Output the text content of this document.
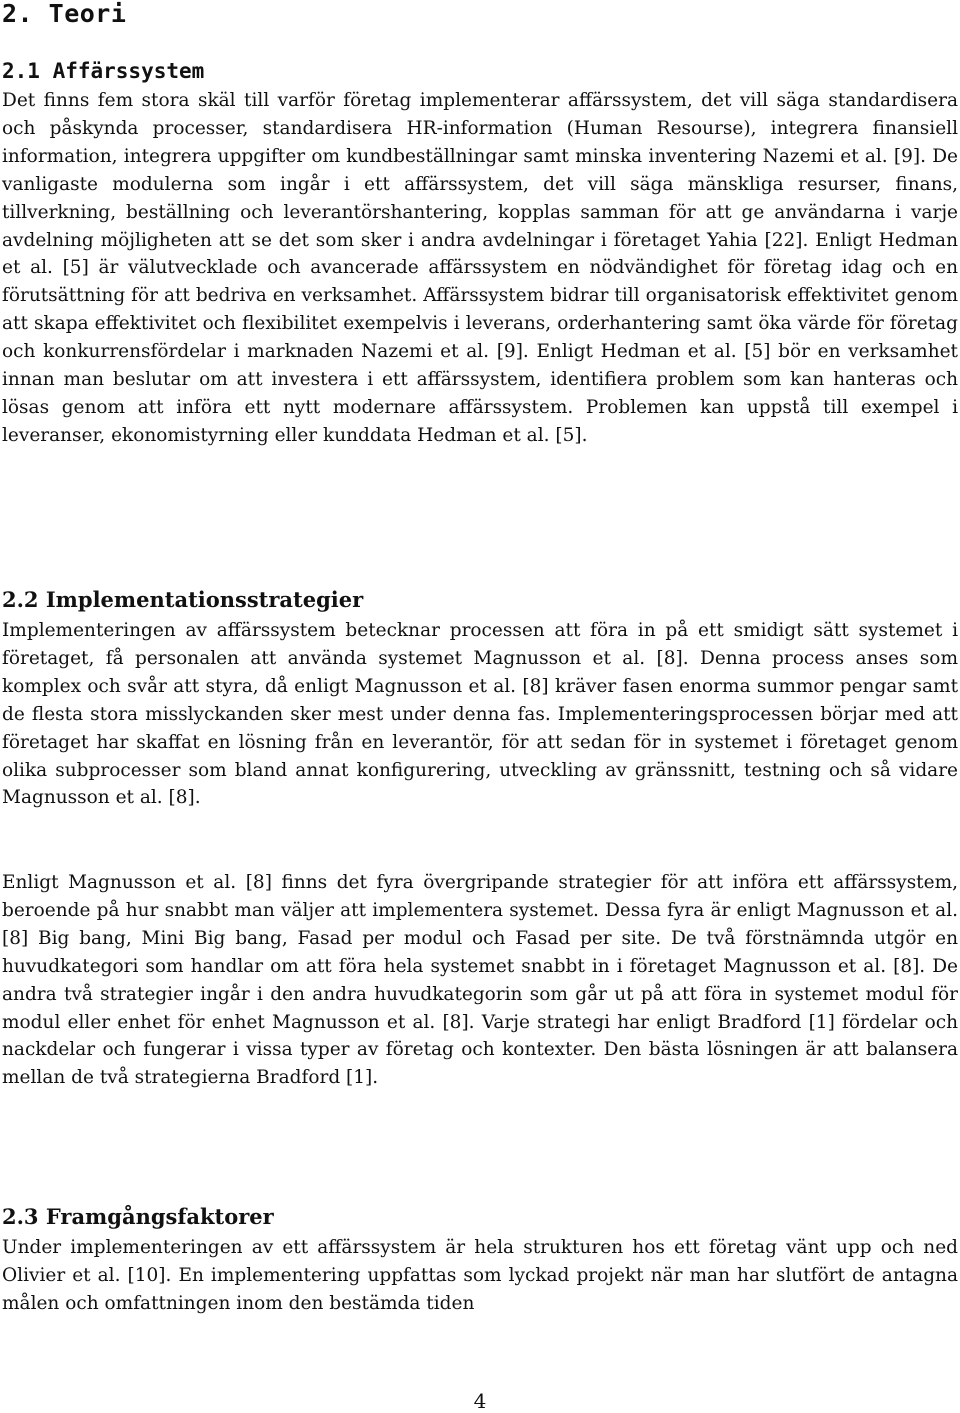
2. Teori
2.1 Affärssystem

Det finns fem stora skäl till varför företag implementerar affärssystem, det vill säga standardisera och påskynda processer, standardisera HR-information (Human Resourse), integrera finansiell information, integrera uppgifter om kundbeställningar samt minska inventering Nazemi et al. [9]. De vanligaste modulerna som ingår i ett affärssystem, det vill säga mänskliga resurser, finans, tillverkning, beställning och leverantörshantering, kopplas samman för att ge användarna i varje avdelning möjligheten att se det som sker i andra avdelningar i företaget Yahia [22]. Enligt Hedman et al. [5] är välutvecklade och avancerade affärssystem en nödvändighet för företag idag och en förutsättning för att bedriva en verksamhet. Affärssystem bidrar till organisatorisk effektivitet genom att skapa effektivitet och flexibilitet exempelvis i leverans, orderhantering samt öka värde för företag och konkurrensfördelar i marknaden Nazemi et al. [9]. Enligt Hedman et al. [5] bör en verksamhet innan man beslutar om att investera i ett affärssystem, identifiera problem som kan hanteras och lösas genom att införa ett nytt modernare affärssystem. Problemen kan uppstå till exempel i leveranser, ekonomistyrning eller kunddata Hedman et al. [5].

2.2 Implementationsstrategier

Implementeringen av affärssystem betecknar processen att föra in på ett smidigt sätt systemet i företaget, få personalen att använda systemet Magnusson et al. [8]. Denna process anses som komplex och svår att styra, då enligt Magnusson et al. [8] kräver fasen enorma summor pengar samt de flesta stora misslyckanden sker mest under denna fas. Implementeringsprocessen börjar med att företaget har skaffat en lösning från en leverantör, för att sedan för in systemet i företaget genom olika subprocesser som bland annat konfigurering, utveckling av gränssnitt, testning och så vidare Magnusson et al. [8].

Enligt Magnusson et al. [8] finns det fyra övergripande strategier för att införa ett affärssystem, beroende på hur snabbt man väljer att implementera systemet. Dessa fyra är enligt Magnusson et al. [8] Big bang, Mini Big bang, Fasad per modul och Fasad per site. De två förstnämnda utgör en huvudkategori som handlar om att föra hela systemet snabbt in i företaget Magnusson et al. [8]. De andra två strategier ingår i den andra huvudkategorin som går ut på att föra in systemet modul för modul eller enhet för enhet Magnusson et al. [8]. Varje strategi har enligt Bradford [1] fördelar och nackdelar och fungerar i vissa typer av företag och kontexter. Den bästa lösningen är att balansera mellan de två strategierna Bradford [1].

2.3 Framgångsfaktorer

Under implementeringen av ett affärssystem är hela strukturen hos ett företag vänt upp och ned Olivier et al. [10]. En implementering uppfattas som lyckad projekt när man har slutfört de antagna målen och omfattningen inom den bestämda tiden

4
